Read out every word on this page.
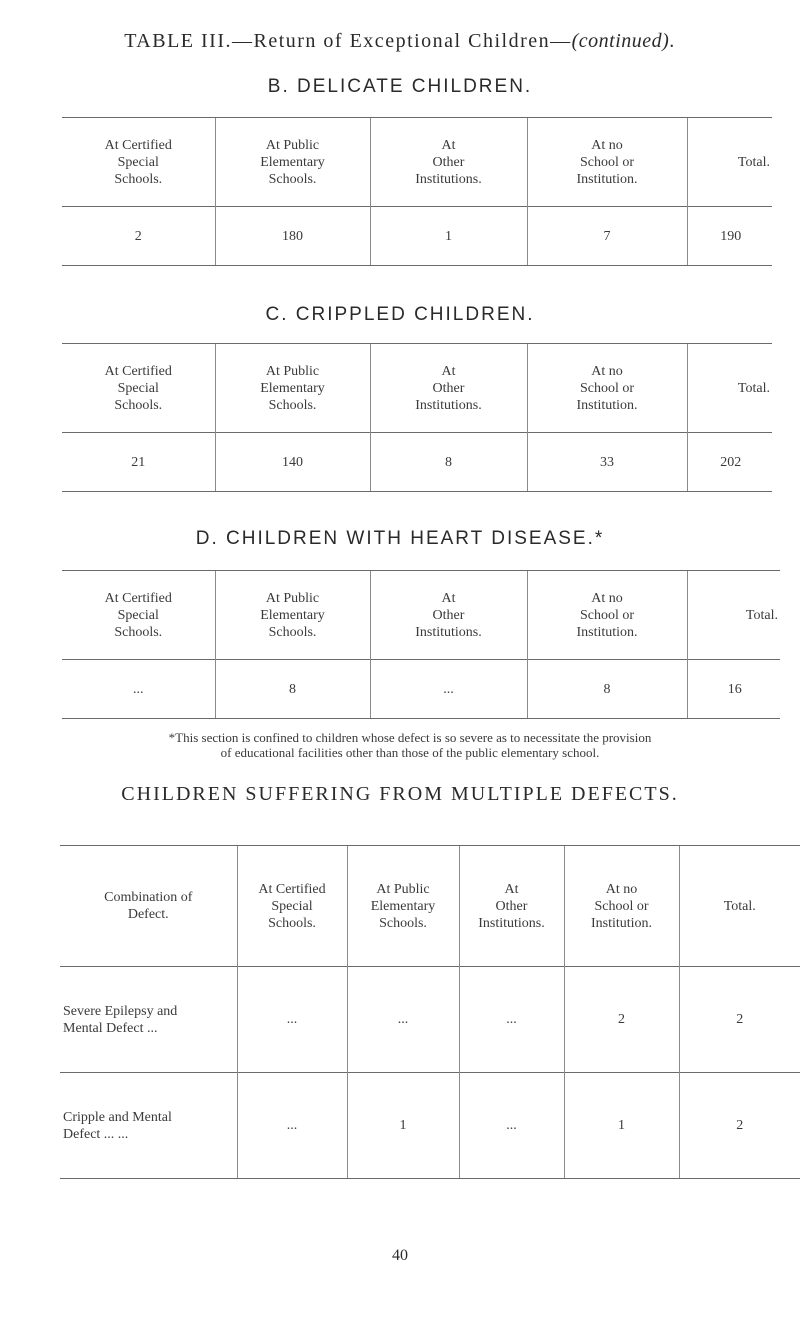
TABLE III.—Return of Exceptional Children—(continued).
B. DELICATE CHILDREN.
At Certified
Special
Schools.	At Public
Elementary
Schools.	At
Other
Institutions.	At no
School or
Institution.	Total.
2	180	1	7	190
C. CRIPPLED CHILDREN.
At Certified
Special
Schools.	At Public
Elementary
Schools.	At
Other
Institutions.	At no
School or
Institution.	Total.
21	140	8	33	202
D. CHILDREN WITH HEART DISEASE.*
At Certified
Special
Schools.	At Public
Elementary
Schools.	At
Other
Institutions.	At no
School or
Institution.	Total.
...	8	...	8	16
*This section is confined to children whose defect is so severe as to necessitate the provision
of educational facilities other than those of the public elementary school.
CHILDREN SUFFERING FROM MULTIPLE DEFECTS.
Combination of
Defect.	At Certified
Special
Schools.	At Public
Elementary
Schools.	At
Other
Institutions.	At no
School or
Institution.	Total.

Severe Epilepsy and
Mental Defect ...	...	...	...	2	2

Cripple and Mental
Defect ... ...	...	1	...	1	2
40
